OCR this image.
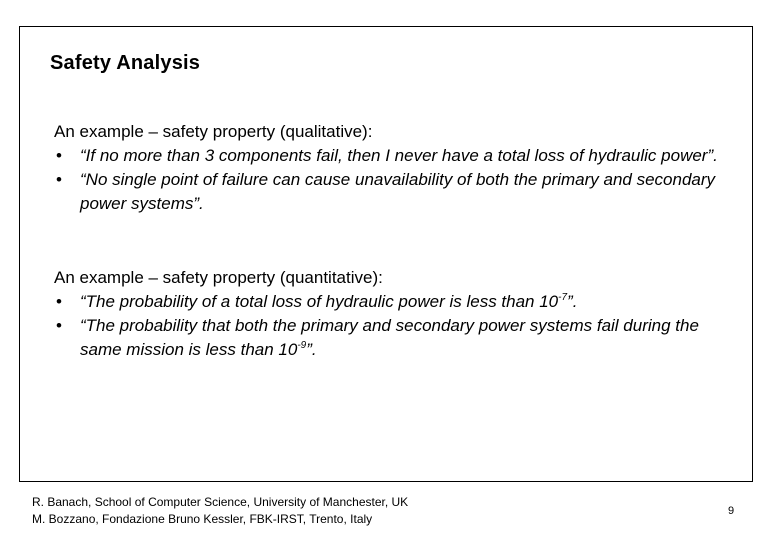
Safety Analysis
An example – safety property (qualitative):
• “If no more than 3 components fail, then I never have a total loss of hydraulic power”.
• “No single point of failure can cause unavailability of both the primary and secondary power systems”.
An example – safety property (quantitative):
• “The probability of a total loss of hydraulic power is less than $10^{-7}$”.
• “The probability that both the primary and secondary power systems fail during the same mission is less than $10^{-9}$”.
R. Banach, School of Computer Science, University of Manchester, UK
M. Bozzano, Fondazione Bruno Kessler, FBK-IRST, Trento, Italy
9
